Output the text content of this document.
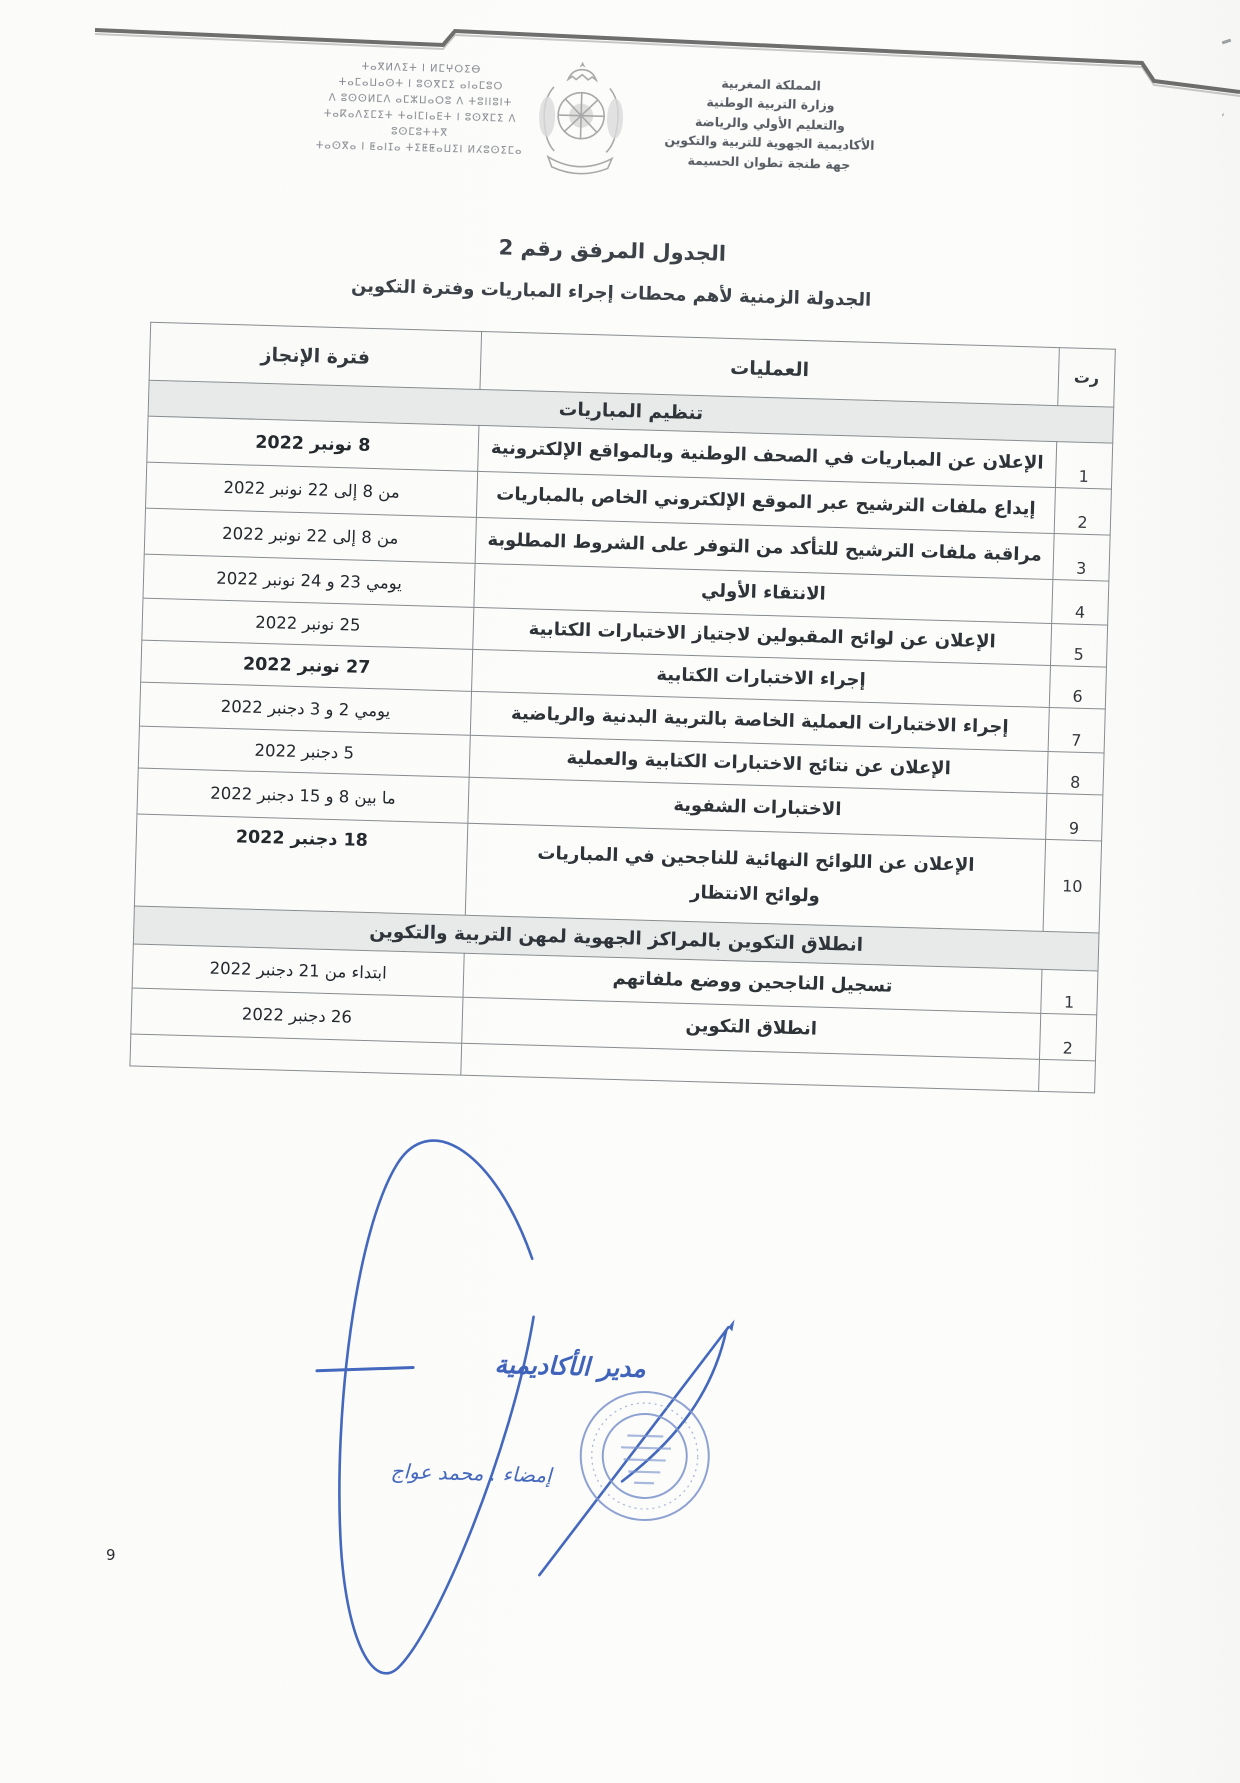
،
ⵜⴰⴳⵍⴷⵉⵜ ⵏ ⵍⵎⵖⵔⵉⴱ
ⵜⴰⵎⴰⵡⴰⵙⵜ ⵏ ⵓⵙⴳⵎⵉ ⴰⵏⴰⵎⵓⵔ
ⴷ ⵓⵙⵙⵍⵎⴷ ⴰⵎⵣⵡⴰⵔⵓ ⴷ ⵜⵓⵏⵏⵓⵏⵜ
ⵜⴰⴽⴰⴷⵉⵎⵉⵜ ⵜⴰⵏⵎⵏⴰⴹⵜ ⵏ ⵓⵙⴳⵎⵉ ⴷ ⵓⵙⵎⵓⵜⵜⴳ
ⵜⴰⵙⴳⴰ ⵏ ⵟⴰⵏⵊⴰ ⵜⵉⵟⵟⴰⵡⵉⵏ ⵍⵃⵓⵙⵉⵎⴰ
المملكة المغربية
وزارة التربية الوطنية
والتعليم الأولي والرياضة
الأكاديمية الجهوية للتربية والتكوين
جهة طنجة تطوان الحسيمة
الجدول المرفق رقم 2
الجدولة الزمنية لأهم محطات إجراء المباريات وفترة التكوين
رت	العمليات	فترة الإنجاز
تنظيم المباريات		
1	الإعلان عن المباريات في الصحف الوطنية وبالمواقع الإلكترونية	8 نونبر 2022
2	إيداع ملفات الترشيح عبر الموقع الإلكتروني الخاص بالمباريات	من 8 إلى 22 نونبر 2022
3	مراقبة ملفات الترشيح للتأكد من التوفر على الشروط المطلوبة	من 8 إلى 22 نونبر 2022
4	الانتقاء الأولي	يومي 23 و 24 نونبر 2022
5	الإعلان عن لوائح المقبولين لاجتياز الاختبارات الكتابية	25 نونبر 2022
6	إجراء الاختبارات الكتابية	27 نونبر 2022
7	إجراء الاختبارات العملية الخاصة بالتربية البدنية والرياضية	يومي 2 و 3 دجنبر 2022
8	الإعلان عن نتائج الاختبارات الكتابية والعملية	5 دجنبر 2022
9	الاختبارات الشفوية	ما بين 8 و 15 دجنبر 2022
10	الإعلان عن اللوائح النهائية للناجحين في المباريات
ولوائح الانتظار	18 دجنبر 2022
انطلاق التكوين بالمراكز الجهوية لمهن التربية والتكوين		
1	تسجيل الناجحين ووضع ملفاتهم	ابتداء من 21 دجنبر 2022
2	انطلاق التكوين	26 دجنبر 2022

مدير الأكاديمية
إمضاء . محمد عواج
9
